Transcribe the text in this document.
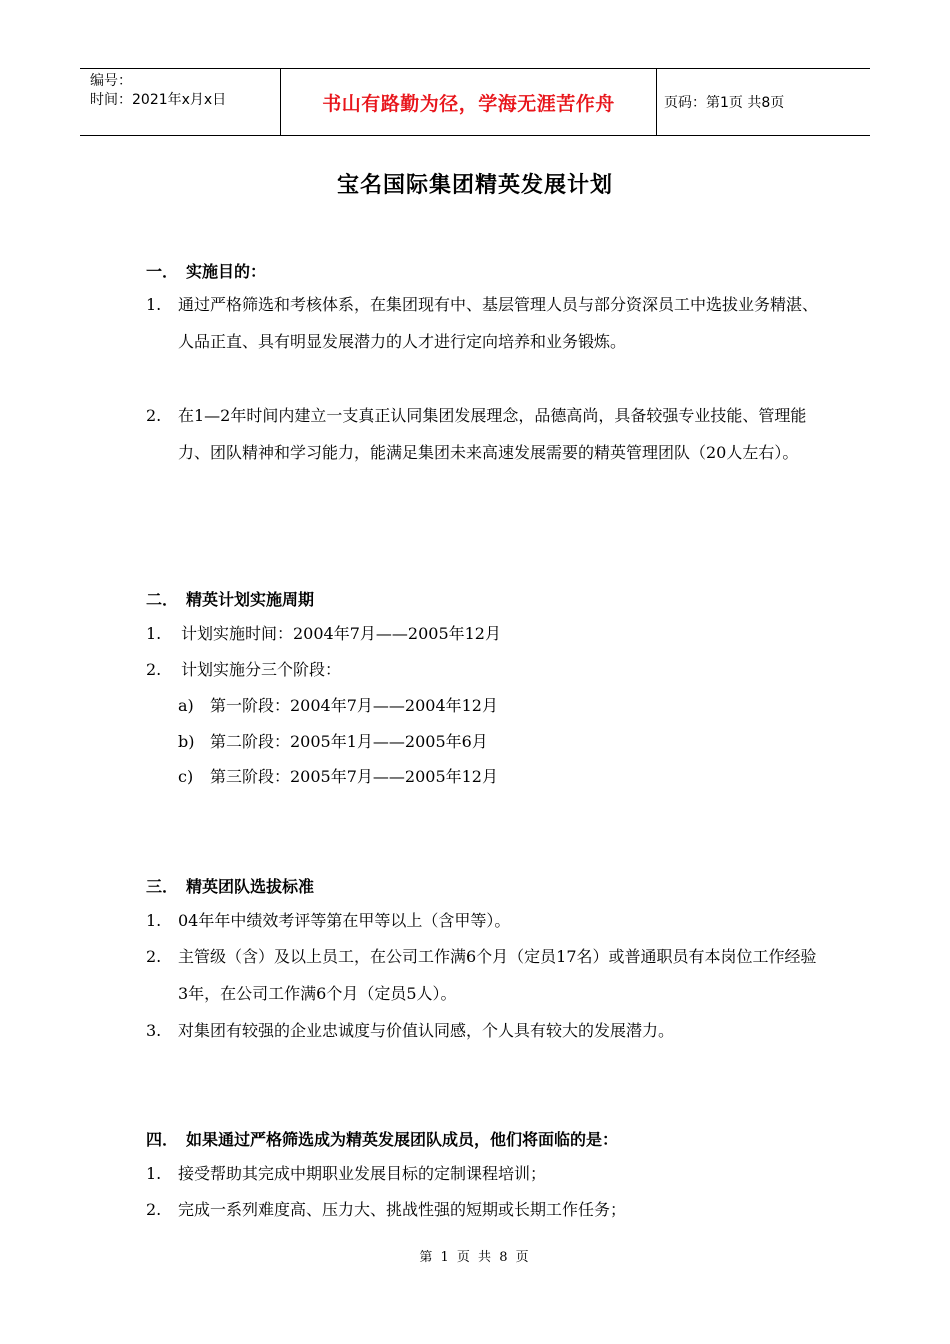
编号：
时间：2021年x月x日	书山有路勤为径，学海无涯苦作舟	页码：第1页 共8页
宝名国际集团精英发展计划
一． 实施目的：
1. 通过严格筛选和考核体系，在集团现有中、基层管理人员与部分资深员工中选拔业务精湛、人品正直、具有明显发展潜力的人才进行定向培养和业务锻炼。
2. 在1—2年时间内建立一支真正认同集团发展理念，品德高尚，具备较强专业技能、管理能力、团队精神和学习能力，能满足集团未来高速发展需要的精英管理团队（20人左右）。
二． 精英计划实施周期
1. 计划实施时间：2004年7月——2005年12月
2. 计划实施分三个阶段：
a) 第一阶段：2004年7月——2004年12月
b) 第二阶段：2005年1月——2005年6月
c) 第三阶段：2005年7月——2005年12月
三． 精英团队选拔标准
1. 04年年中绩效考评等第在甲等以上（含甲等）。
2. 主管级（含）及以上员工，在公司工作满6个月（定员17名）或普通职员有本岗位工作经验3年，在公司工作满6个月（定员5人）。
3. 对集团有较强的企业忠诚度与价值认同感，个人具有较大的发展潜力。
四． 如果通过严格筛选成为精英发展团队成员，他们将面临的是：
1. 接受帮助其完成中期职业发展目标的定制课程培训；
2. 完成一系列难度高、压力大、挑战性强的短期或长期工作任务；
第 1 页 共 8 页
